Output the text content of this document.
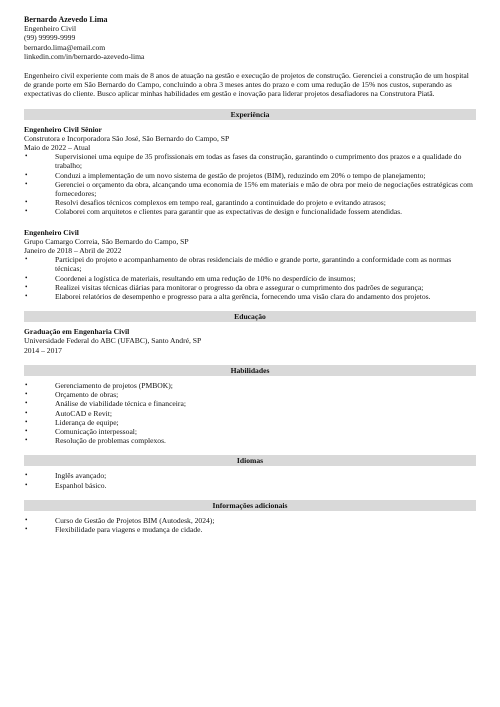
Bernardo Azevedo Lima
Engenheiro Civil
(99) 99999-9999
bernardo.lima@email.com
linkedin.com/in/bernardo-azevedo-lima
Engenheiro civil experiente com mais de 8 anos de atuação na gestão e execução de projetos de construção. Gerenciei a construção de um hospital de grande porte em São Bernardo do Campo, concluindo a obra 3 meses antes do prazo e com uma redução de 15% nos custos, superando as expectativas do cliente. Busco aplicar minhas habilidades em gestão e inovação para liderar projetos desafiadores na Construtora Piatã.
Experiência
Engenheiro Civil Sênior
Construtora e Incorporadora São José, São Bernardo do Campo, SP
Maio de 2022 – Atual
•	Supervisionei uma equipe de 35 profissionais em todas as fases da construção, garantindo o cumprimento dos prazos e a qualidade do trabalho;
•	Conduzi a implementação de um novo sistema de gestão de projetos (BIM), reduzindo em 20% o tempo de planejamento;
•	Gerenciei o orçamento da obra, alcançando uma economia de 15% em materiais e mão de obra por meio de negociações estratégicas com fornecedores;
•	Resolvi desafios técnicos complexos em tempo real, garantindo a continuidade do projeto e evitando atrasos;
•	Colaborei com arquitetos e clientes para garantir que as expectativas de design e funcionalidade fossem atendidas.
Engenheiro Civil
Grupo Camargo Correia, São Bernardo do Campo, SP
Janeiro de 2018 – Abril de 2022
•	Participei do projeto e acompanhamento de obras residenciais de médio e grande porte, garantindo a conformidade com as normas técnicas;
•	Coordenei a logística de materiais, resultando em uma redução de 10% no desperdício de insumos;
•	Realizei visitas técnicas diárias para monitorar o progresso da obra e assegurar o cumprimento dos padrões de segurança;
•	Elaborei relatórios de desempenho e progresso para a alta gerência, fornecendo uma visão clara do andamento dos projetos.
Educação
Graduação em Engenharia Civil
Universidade Federal do ABC (UFABC), Santo André, SP
2014 – 2017
Habilidades
•	Gerenciamento de projetos (PMBOK);
•	Orçamento de obras;
•	Análise de viabilidade técnica e financeira;
•	AutoCAD e Revit;
•	Liderança de equipe;
•	Comunicação interpessoal;
•	Resolução de problemas complexos.
Idiomas
•	Inglês avançado;
•	Espanhol básico.
Informações adicionais
•	Curso de Gestão de Projetos BIM (Autodesk, 2024);
•	Flexibilidade para viagens e mudança de cidade.
